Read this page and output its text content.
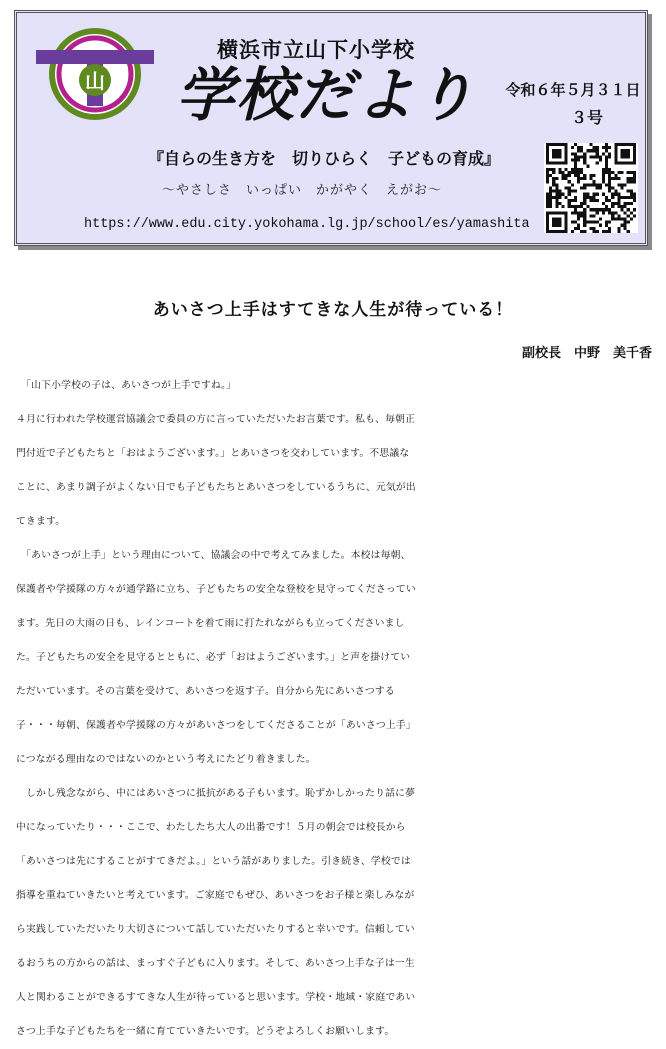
山
横浜市立山下小学校
学校だより	令和６年５月３１日
３号
『自らの生き方を　切りひらく　子どもの育成』
～やさしさ　いっぱい　かがやく　えがお～
https://www.edu.city.yokohama.lg.jp/school/es/yamashita
あいさつ上手はすてきな人生が待っている！
副校長　中野　美千香
　「山下小学校の子は、あいさつが上手ですね。」
４月に行われた学校運営協議会で委員の方に言っていただいたお言葉です。私も、毎朝正
門付近で子どもたちと「おはようございます。」とあいさつを交わしています。不思議な
ことに、あまり調子がよくない日でも子どもたちとあいさつをしているうちに、元気が出
てきます。
　「あいさつが上手」という理由について、協議会の中で考えてみました。本校は毎朝、
保護者や学援隊の方々が通学路に立ち、子どもたちの安全な登校を見守ってくださってい
ます。先日の大雨の日も、レインコートを着て雨に打たれながらも立ってくださいまし
た。子どもたちの安全を見守るとともに、必ず「おはようございます。」と声を掛けてい
ただいています。その言葉を受けて、あいさつを返す子。自分から先にあいさつする
子・・・毎朝、保護者や学援隊の方々があいさつをしてくださることが「あいさつ上手」
につながる理由なのではないのかという考えにたどり着きました。
　しかし残念ながら、中にはあいさつに抵抗がある子もいます。恥ずかしかったり話に夢
中になっていたり・・・ここで、わたしたち大人の出番です！５月の朝会では校長から
「あいさつは先にすることがすてきだよ。」という話がありました。引き続き、学校では
指導を重ねていきたいと考えています。ご家庭でもぜひ、あいさつをお子様と楽しみなが
ら実践していただいたり大切さについて話していただいたりすると幸いです。信頼してい
るおうちの方からの話は、まっすぐ子どもに入ります。そして、あいさつ上手な子は一生
人と関わることができるすてきな人生が待っていると思います。学校・地域・家庭であい
さつ上手な子どもたちを一緒に育てていきたいです。どうぞよろしくお願いします。
